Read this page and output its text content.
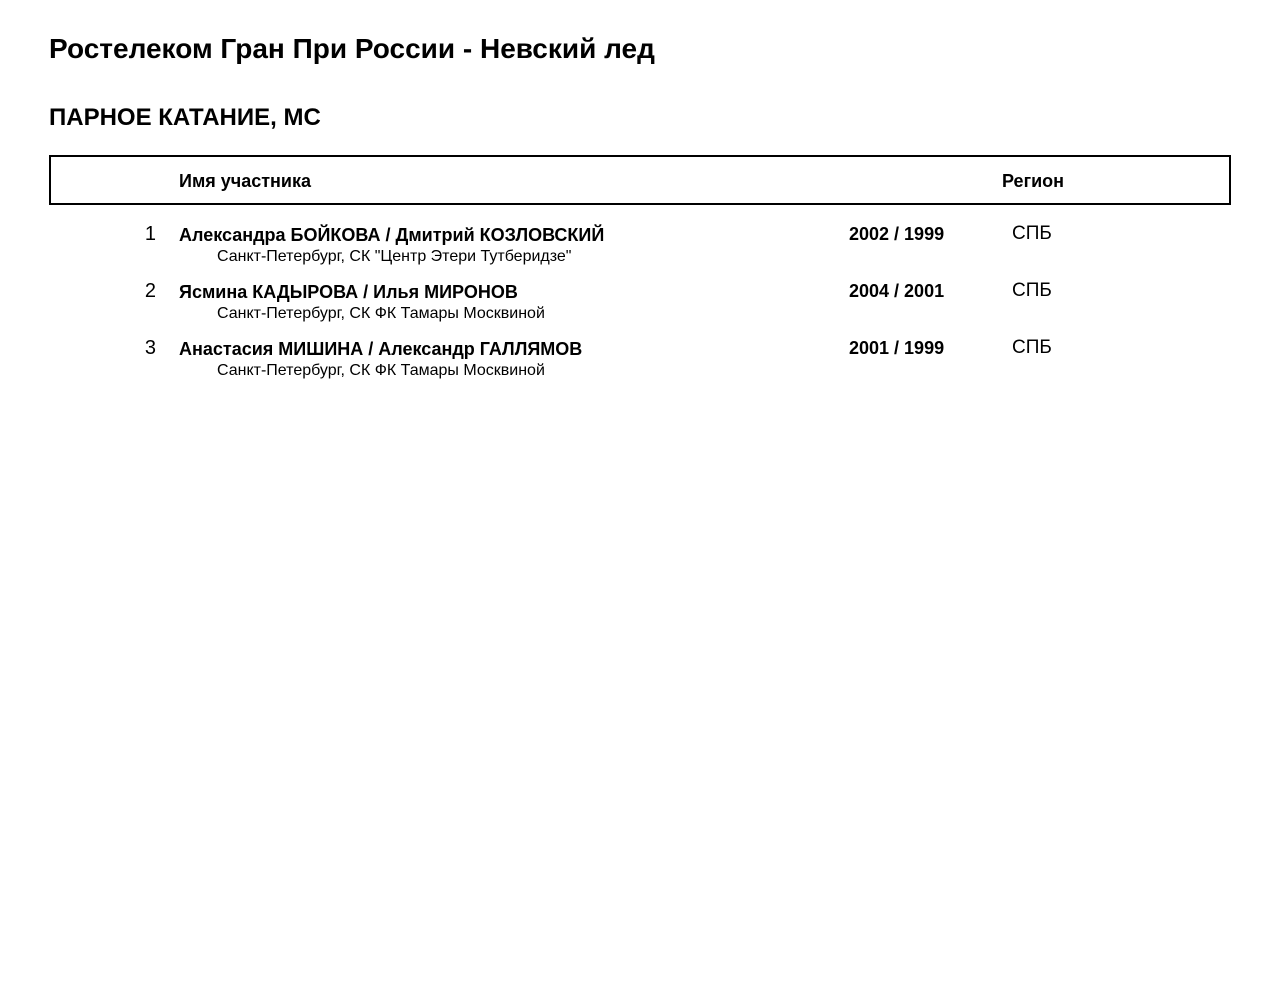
Ростелеком Гран При России - Невский лед
ПАРНОЕ КАТАНИЕ, МС
Имя участника	Регион
1 Александра БОЙКОВА / Дмитрий КОЗЛОВСКИЙ	2002 / 1999	СПБ
Санкт-Петербург, СК "Центр Этери Тутберидзе"
2 Ясмина КАДЫРОВА / Илья МИРОНОВ	2004 / 2001	СПБ
Санкт-Петербург, СК ФК Тамары Москвиной
3 Анастасия МИШИНА / Александр ГАЛЛЯМОВ	2001 / 1999	СПБ
Санкт-Петербург, СК ФК Тамары Москвиной
